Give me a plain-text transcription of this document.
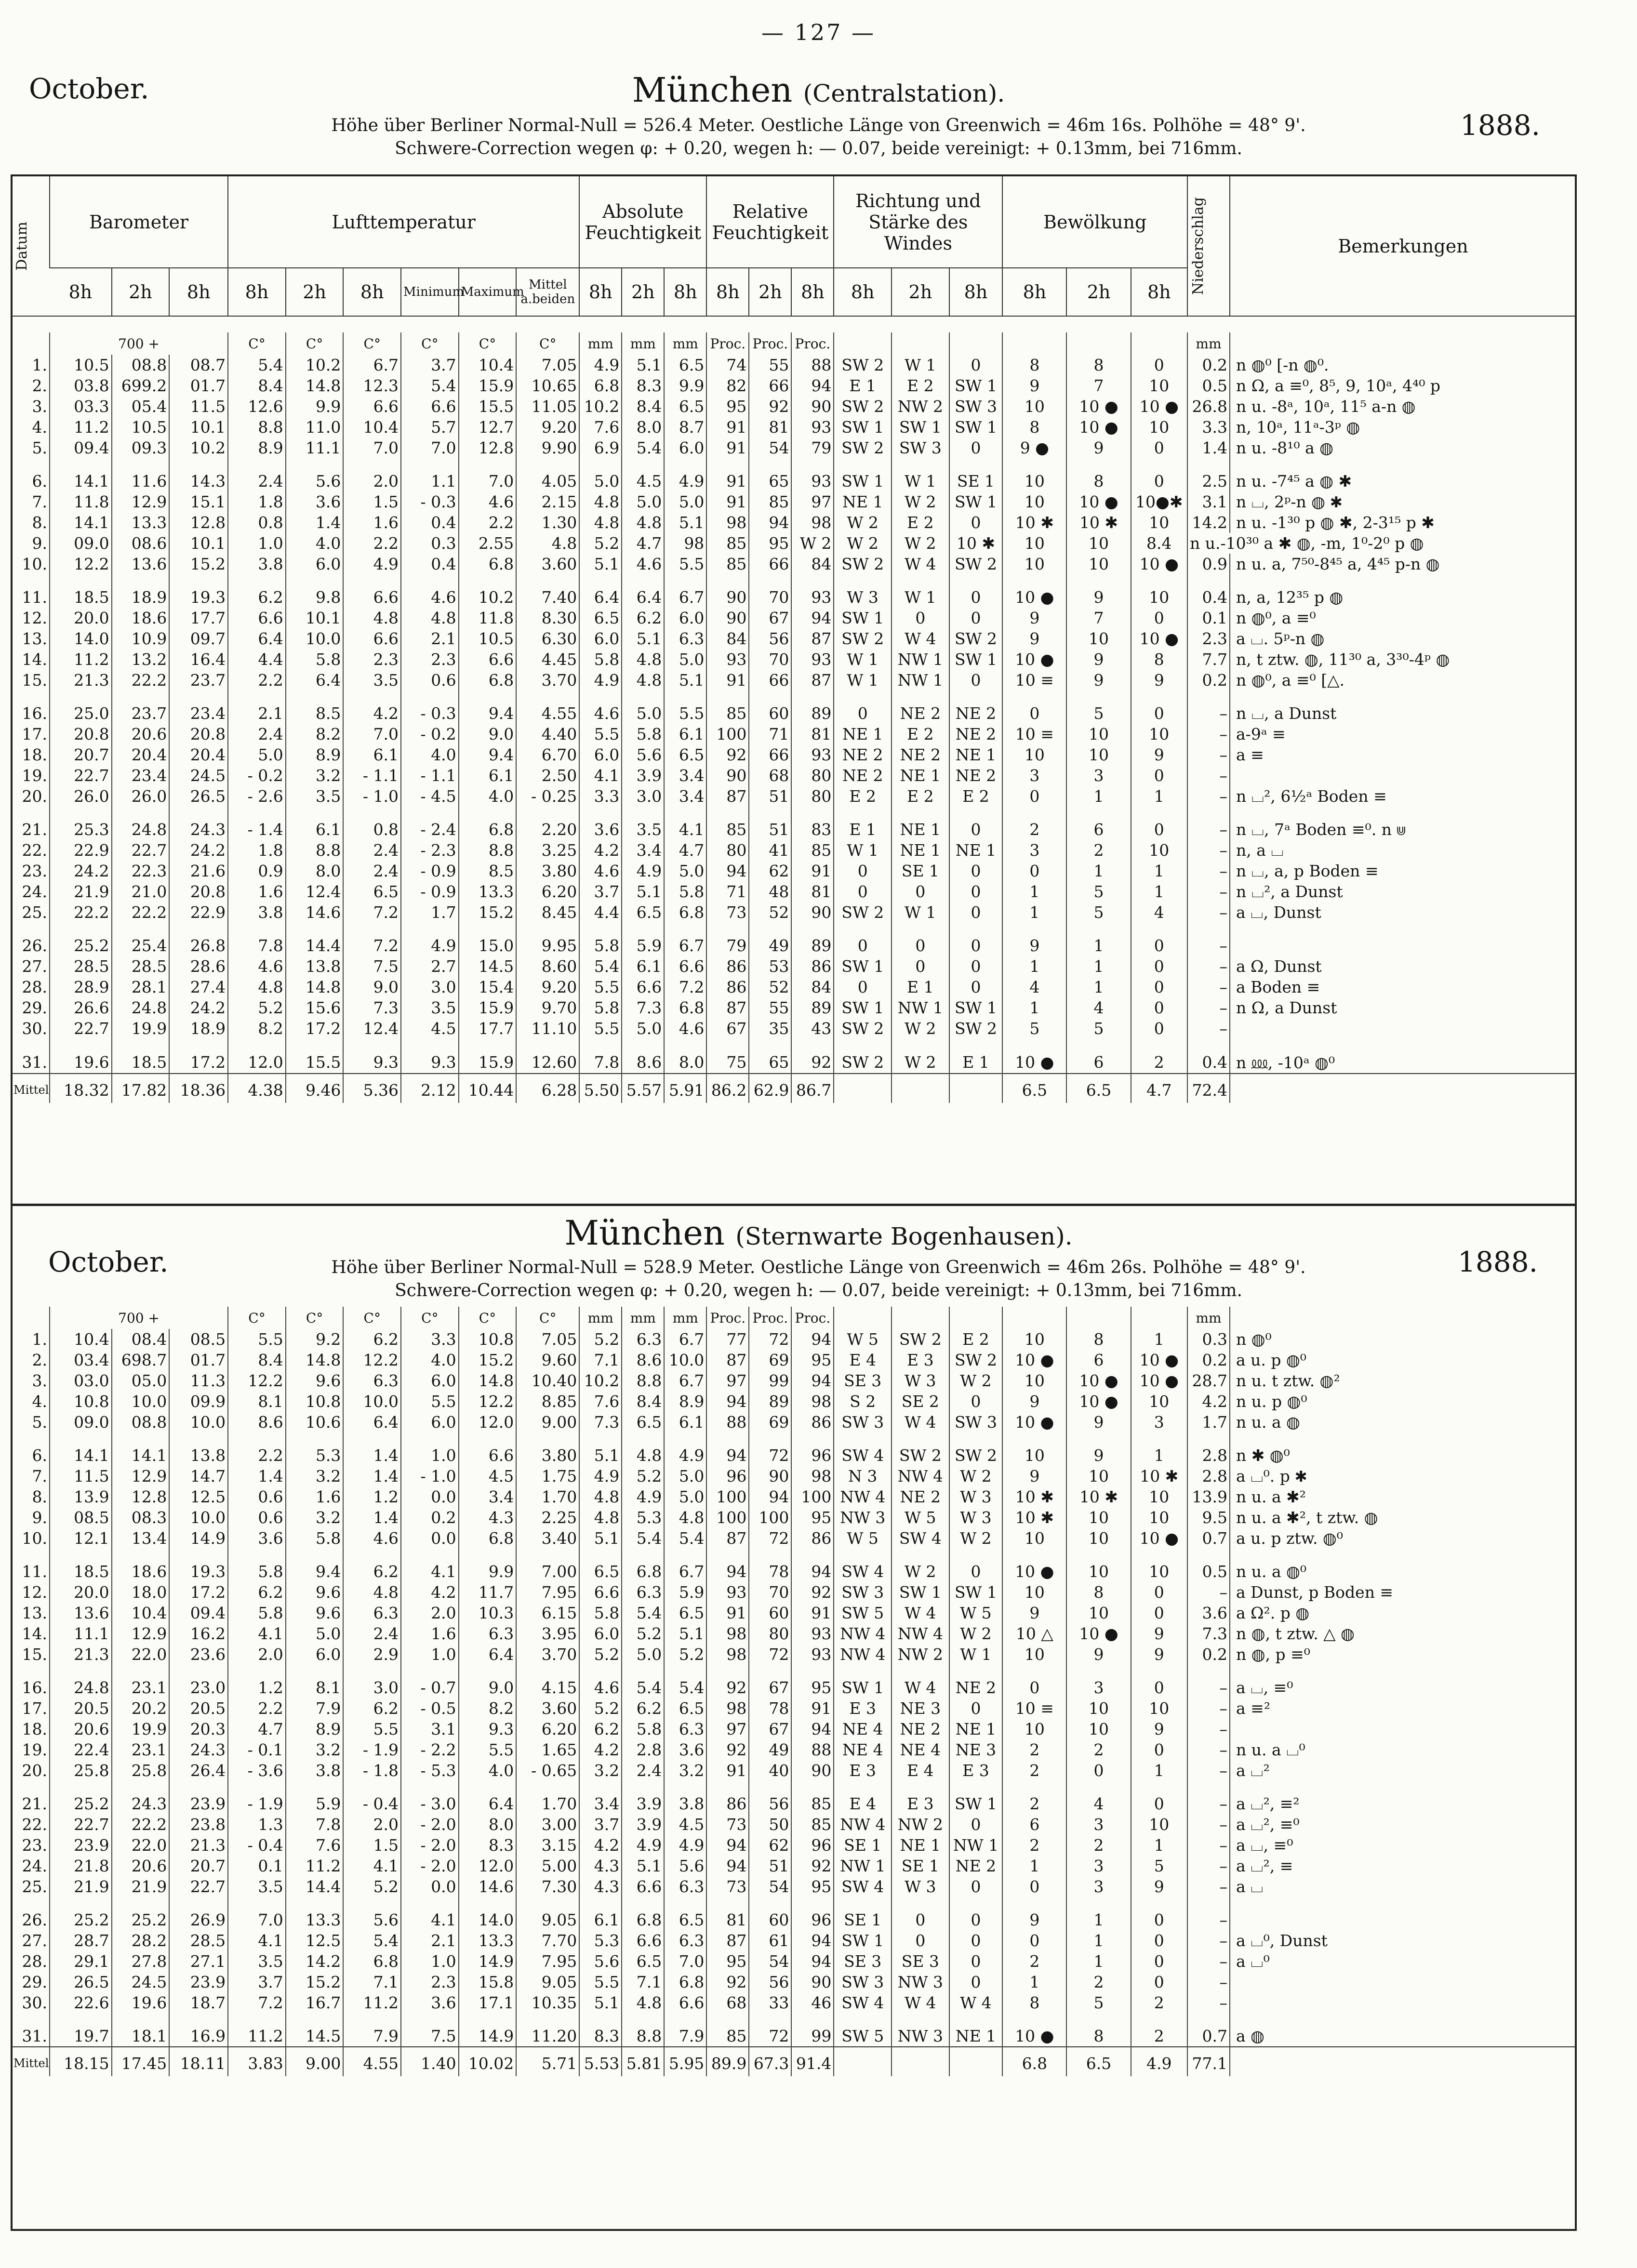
— 127 —
October.	München (Centralstation).
1888.
Höhe über Berliner Normal-Null = 526.4 Meter. Oestliche Länge von Greenwich = 46m 16s. Polhöhe = 48° 9'.
Schwere-Correction wegen φ: + 0.20, wegen h: — 0.07, beide vereinigt: + 0.13mm, bei 716mm.
Datum	Barometer			Lufttemperatur						Absolute Feuchtigkeit			Relative Feuchtigkeit			Richtung und Stärke des Windes			Bewölkung			Niederschlag	Bemerkungen
	8h	2h	8h	8h	2h	8h	Minimum	Maximum	Mittel a.beiden	8h	2h	8h	8h	2h	8h	8h	2h	8h	8h	2h	8h		
	700 +			C°	C°	C°	C°	C°	C°	mm	mm	mm	Proc.	Proc.	Proc.							mm	
1.	10.5	08.8	08.7	5.4	10.2	6.7	3.7	10.4	7.05	4.9	5.1	6.5	74	55	88	SW 2	W 1	0	8	8	0	0.2	n ◍⁰ [-n ◍⁰.
2.	03.8	699.2	01.7	8.4	14.8	12.3	5.4	15.9	10.65	6.8	8.3	9.9	82	66	94	E 1	E 2	SW 1	9	7	10	0.5	n Ω, a ≡⁰, 8⁵, 9, 10ᵃ, 4⁴⁰ p
3.	03.3	05.4	11.5	12.6	9.9	6.6	6.6	15.5	11.05	10.2	8.4	6.5	95	92	90	SW 2	NW 2	SW 3	10	10 ●	10 ●	26.8	n u. -8ᵃ, 10ᵃ, 11⁵ a-n ◍
4.	11.2	10.5	10.1	8.8	11.0	10.4	5.7	12.7	9.20	7.6	8.0	8.7	91	81	93	SW 1	SW 1	SW 1	8	10 ●	10	3.3	n, 10ᵃ, 11ᵃ-3ᵖ ◍
5.	09.4	09.3	10.2	8.9	11.1	7.0	7.0	12.8	9.90	6.9	5.4	6.0	91	54	79	SW 2	SW 3	0	9 ●	9	0	1.4	n u. -8¹⁰ a ◍
6.	14.1	11.6	14.3	2.4	5.6	2.0	1.1	7.0	4.05	5.0	4.5	4.9	91	65	93	SW 1	W 1	SE 1	10	8	0	2.5	n u. -7⁴⁵ a ◍ ✱
7.	11.8	12.9	15.1	1.8	3.6	1.5	- 0.3	4.6	2.15	4.8	5.0	5.0	91	85	97	NE 1	W 2	SW 1	10	10 ●	10●✱	3.1	n ⌴, 2ᵖ-n ◍ ✱
8.	14.1	13.3	12.8	0.8	1.4	1.6	0.4	2.2	1.30	4.8	4.8	5.1	98	94	98	W 2	E 2	0	10 ✱	10 ✱	10	14.2	n u. -1³⁰ p ◍ ✱, 2-3¹⁵ p ✱
9.	09.0	08.6	10.1	1.0	4.0	2.2	0.3	2.55	4.8	5.2	4.7	98	85	95	W 2	W 2	W 2	10 ✱	10	10	8.4	n u.-10³⁰ a ✱ ◍, -m, 1⁰-2⁰ p ◍	
10.	12.2	13.6	15.2	3.8	6.0	4.9	0.4	6.8	3.60	5.1	4.6	5.5	85	66	84	SW 2	W 4	SW 2	10	10	10 ●	0.9	n u. a, 7⁵⁰-8⁴⁵ a, 4⁴⁵ p-n ◍
11.	18.5	18.9	19.3	6.2	9.8	6.6	4.6	10.2	7.40	6.4	6.4	6.7	90	70	93	W 3	W 1	0	10 ●	9	10	0.4	n, a, 12³⁵ p ◍
12.	20.0	18.6	17.7	6.6	10.1	4.8	4.8	11.8	8.30	6.5	6.2	6.0	90	67	94	SW 1	0	0	9	7	0	0.1	n ◍⁰, a ≡⁰
13.	14.0	10.9	09.7	6.4	10.0	6.6	2.1	10.5	6.30	6.0	5.1	6.3	84	56	87	SW 2	W 4	SW 2	9	10	10 ●	2.3	a ⌴. 5ᵖ-n ◍
14.	11.2	13.2	16.4	4.4	5.8	2.3	2.3	6.6	4.45	5.8	4.8	5.0	93	70	93	W 1	NW 1	SW 1	10 ●	9	8	7.7	n, t ztw. ◍, 11³⁰ a, 3³⁰-4ᵖ ◍
15.	21.3	22.2	23.7	2.2	6.4	3.5	0.6	6.8	3.70	4.9	4.8	5.1	91	66	87	W 1	NW 1	0	10 ≡	9	9	0.2	n ◍⁰, a ≡⁰ [△.
16.	25.0	23.7	23.4	2.1	8.5	4.2	- 0.3	9.4	4.55	4.6	5.0	5.5	85	60	89	0	NE 2	NE 2	0	5	0	–	n ⌴, a Dunst
17.	20.8	20.6	20.8	2.4	8.2	7.0	- 0.2	9.0	4.40	5.5	5.8	6.1	100	71	81	NE 1	E 2	NE 2	10 ≡	10	10	–	a-9ᵃ ≡
18.	20.7	20.4	20.4	5.0	8.9	6.1	4.0	9.4	6.70	6.0	5.6	6.5	92	66	93	NE 2	NE 2	NE 1	10	10	9	–	a ≡
19.	22.7	23.4	24.5	- 0.2	3.2	- 1.1	- 1.1	6.1	2.50	4.1	3.9	3.4	90	68	80	NE 2	NE 1	NE 2	3	3	0	–	
20.	26.0	26.0	26.5	- 2.6	3.5	- 1.0	- 4.5	4.0	- 0.25	3.3	3.0	3.4	87	51	80	E 2	E 2	E 2	0	1	1	–	n ⌴², 6½ᵃ Boden ≡
21.	25.3	24.8	24.3	- 1.4	6.1	0.8	- 2.4	6.8	2.20	3.6	3.5	4.1	85	51	83	E 1	NE 1	0	2	6	0	–	n ⌴, 7ᵃ Boden ≡⁰. n ⋓
22.	22.9	22.7	24.2	1.8	8.8	2.4	- 2.3	8.8	3.25	4.2	3.4	4.7	80	41	85	W 1	NE 1	NE 1	3	2	10	–	n, a ⌴
23.	24.2	22.3	21.6	0.9	8.0	2.4	- 0.9	8.5	3.80	4.6	4.9	5.0	94	62	91	0	SE 1	0	0	1	1	–	n ⌴, a, p Boden ≡
24.	21.9	21.0	20.8	1.6	12.4	6.5	- 0.9	13.3	6.20	3.7	5.1	5.8	71	48	81	0	0	0	1	5	1	–	n ⌴², a Dunst
25.	22.2	22.2	22.9	3.8	14.6	7.2	1.7	15.2	8.45	4.4	6.5	6.8	73	52	90	SW 2	W 1	0	1	5	4	–	a ⌴, Dunst
26.	25.2	25.4	26.8	7.8	14.4	7.2	4.9	15.0	9.95	5.8	5.9	6.7	79	49	89	0	0	0	9	1	0	–	
27.	28.5	28.5	28.6	4.6	13.8	7.5	2.7	14.5	8.60	5.4	6.1	6.6	86	53	86	SW 1	0	0	1	1	0	–	a Ω, Dunst
28.	28.9	28.1	27.4	4.8	14.8	9.0	3.0	15.4	9.20	5.5	6.6	7.2	86	52	84	0	E 1	0	4	1	0	–	a Boden ≡
29.	26.6	24.8	24.2	5.2	15.6	7.3	3.5	15.9	9.70	5.8	7.3	6.8	87	55	89	SW 1	NW 1	SW 1	1	4	0	–	n Ω, a Dunst
30.	22.7	19.9	18.9	8.2	17.2	12.4	4.5	17.7	11.10	5.5	5.0	4.6	67	35	43	SW 2	W 2	SW 2	5	5	0	–	
31.	19.6	18.5	17.2	12.0	15.5	9.3	9.3	15.9	12.60	7.8	8.6	8.0	75	65	92	SW 2	W 2	E 1	10 ●	6	2	0.4	n ⅏, -10ᵃ ◍⁰
Mittel	18.32	17.82	18.36	4.38	9.46	5.36	2.12	10.44	6.28	5.50	5.57	5.91	86.2	62.9	86.7				6.5	6.5	4.7	72.4	
October.
München (Sternwarte Bogenhausen).
1888.
Höhe über Berliner Normal-Null = 528.9 Meter. Oestliche Länge von Greenwich = 46m 26s. Polhöhe = 48° 9'.
Schwere-Correction wegen φ: + 0.20, wegen h: — 0.07, beide vereinigt: + 0.13mm, bei 716mm.
	700 +			C°	C°	C°	C°	C°	C°	mm	mm	mm	Proc.	Proc.	Proc.							mm	
1.	10.4	08.4	08.5	5.5	9.2	6.2	3.3	10.8	7.05	5.2	6.3	6.7	77	72	94	W 5	SW 2	E 2	10	8	1	0.3	n ◍⁰
2.	03.4	698.7	01.7	8.4	14.8	12.2	4.0	15.2	9.60	7.1	8.6	10.0	87	69	95	E 4	E 3	SW 2	10 ●	6	10 ●	0.2	a u. p ◍⁰
3.	03.0	05.0	11.3	12.2	9.6	6.3	6.0	14.8	10.40	10.2	8.8	6.7	97	99	94	SE 3	W 3	W 2	10	10 ●	10 ●	28.7	n u. t ztw. ◍²
4.	10.8	10.0	09.9	8.1	10.8	10.0	5.5	12.2	8.85	7.6	8.4	8.9	94	89	98	S 2	SE 2	0	9	10 ●	10	4.2	n u. p ◍⁰
5.	09.0	08.8	10.0	8.6	10.6	6.4	6.0	12.0	9.00	7.3	6.5	6.1	88	69	86	SW 3	W 4	SW 3	10 ●	9	3	1.7	n u. a ◍
6.	14.1	14.1	13.8	2.2	5.3	1.4	1.0	6.6	3.80	5.1	4.8	4.9	94	72	96	SW 4	SW 2	SW 2	10	9	1	2.8	n ✱ ◍⁰
7.	11.5	12.9	14.7	1.4	3.2	1.4	- 1.0	4.5	1.75	4.9	5.2	5.0	96	90	98	N 3	NW 4	W 2	9	10	10 ✱	2.8	a ⌴⁰. p ✱
8.	13.9	12.8	12.5	0.6	1.6	1.2	0.0	3.4	1.70	4.8	4.9	5.0	100	94	100	NW 4	NE 2	W 3	10 ✱	10 ✱	10	13.9	n u. a ✱²
9.	08.5	08.3	10.0	0.6	3.2	1.4	0.2	4.3	2.25	4.8	5.3	4.8	100	100	95	NW 3	W 5	W 3	10 ✱	10	10	9.5	n u. a ✱², t ztw. ◍
10.	12.1	13.4	14.9	3.6	5.8	4.6	0.0	6.8	3.40	5.1	5.4	5.4	87	72	86	W 5	SW 4	W 2	10	10	10 ●	0.7	a u. p ztw. ◍⁰
11.	18.5	18.6	19.3	5.8	9.4	6.2	4.1	9.9	7.00	6.5	6.8	6.7	94	78	94	SW 4	W 2	0	10 ●	10	10	0.5	n u. a ◍⁰
12.	20.0	18.0	17.2	6.2	9.6	4.8	4.2	11.7	7.95	6.6	6.3	5.9	93	70	92	SW 3	SW 1	SW 1	10	8	0	–	a Dunst, p Boden ≡
13.	13.6	10.4	09.4	5.8	9.6	6.3	2.0	10.3	6.15	5.8	5.4	6.5	91	60	91	SW 5	W 4	W 5	9	10	0	3.6	a Ω². p ◍
14.	11.1	12.9	16.2	4.1	5.0	2.4	1.6	6.3	3.95	6.0	5.2	5.1	98	80	93	NW 4	NW 4	W 2	10 △	10 ●	9	7.3	n ◍, t ztw. △ ◍
15.	21.3	22.0	23.6	2.0	6.0	2.9	1.0	6.4	3.70	5.2	5.0	5.2	98	72	93	NW 4	NW 2	W 1	10	9	9	0.2	n ◍, p ≡⁰
16.	24.8	23.1	23.0	1.2	8.1	3.0	- 0.7	9.0	4.15	4.6	5.4	5.4	92	67	95	SW 1	W 4	NE 2	0	3	0	–	a ⌴, ≡⁰
17.	20.5	20.2	20.5	2.2	7.9	6.2	- 0.5	8.2	3.60	5.2	6.2	6.5	98	78	91	E 3	NE 3	0	10 ≡	10	10	–	a ≡²
18.	20.6	19.9	20.3	4.7	8.9	5.5	3.1	9.3	6.20	6.2	5.8	6.3	97	67	94	NE 4	NE 2	NE 1	10	10	9	–	
19.	22.4	23.1	24.3	- 0.1	3.2	- 1.9	- 2.2	5.5	1.65	4.2	2.8	3.6	92	49	88	NE 4	NE 4	NE 3	2	2	0	–	n u. a ⌴⁰
20.	25.8	25.8	26.4	- 3.6	3.8	- 1.8	- 5.3	4.0	- 0.65	3.2	2.4	3.2	91	40	90	E 3	E 4	E 3	2	0	1	–	a ⌴²
21.	25.2	24.3	23.9	- 1.9	5.9	- 0.4	- 3.0	6.4	1.70	3.4	3.9	3.8	86	56	85	E 4	E 3	SW 1	2	4	0	–	a ⌴², ≡²
22.	22.7	22.2	23.8	1.3	7.8	2.0	- 2.0	8.0	3.00	3.7	3.9	4.5	73	50	85	NW 4	NW 2	0	6	3	10	–	a ⌴², ≡⁰
23.	23.9	22.0	21.3	- 0.4	7.6	1.5	- 2.0	8.3	3.15	4.2	4.9	4.9	94	62	96	SE 1	NE 1	NW 1	2	2	1	–	a ⌴, ≡⁰
24.	21.8	20.6	20.7	0.1	11.2	4.1	- 2.0	12.0	5.00	4.3	5.1	5.6	94	51	92	NW 1	SE 1	NE 2	1	3	5	–	a ⌴², ≡
25.	21.9	21.9	22.7	3.5	14.4	5.2	0.0	14.6	7.30	4.3	6.6	6.3	73	54	95	SW 4	W 3	0	0	3	9	–	a ⌴
26.	25.2	25.2	26.9	7.0	13.3	5.6	4.1	14.0	9.05	6.1	6.8	6.5	81	60	96	SE 1	0	0	9	1	0	–	
27.	28.7	28.2	28.5	4.1	12.5	5.4	2.1	13.3	7.70	5.3	6.6	6.3	87	61	94	SW 1	0	0	0	1	0	–	a ⌴⁰, Dunst
28.	29.1	27.8	27.1	3.5	14.2	6.8	1.0	14.9	7.95	5.6	6.5	7.0	95	54	94	SE 3	SE 3	0	2	1	0	–	a ⌴⁰
29.	26.5	24.5	23.9	3.7	15.2	7.1	2.3	15.8	9.05	5.5	7.1	6.8	92	56	90	SW 3	NW 3	0	1	2	0	–	
30.	22.6	19.6	18.7	7.2	16.7	11.2	3.6	17.1	10.35	5.1	4.8	6.6	68	33	46	SW 4	W 4	W 4	8	5	2	–	
31.	19.7	18.1	16.9	11.2	14.5	7.9	7.5	14.9	11.20	8.3	8.8	7.9	85	72	99	SW 5	NW 3	NE 1	10 ●	8	2	0.7	a ◍
Mittel	18.15	17.45	18.11	3.83	9.00	4.55	1.40	10.02	5.71	5.53	5.81	5.95	89.9	67.3	91.4				6.8	6.5	4.9	77.1	
